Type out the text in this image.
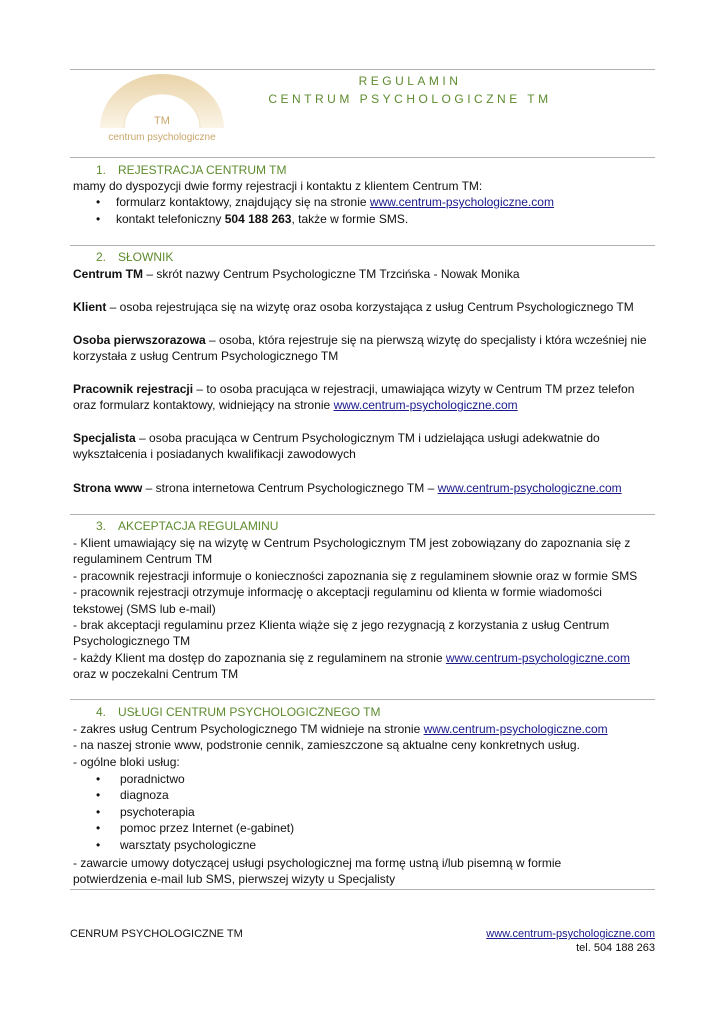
TM
centrum psychologiczne
REGULAMIN
CENTRUM PSYCHOLOGICZNE TM
1. REJESTRACJA CENTRUM TM
mamy do dyspozycji dwie formy rejestracji i kontaktu z klientem Centrum TM:
• formularz kontaktowy, znajdujący się na stronie www.centrum-psychologiczne.com
• kontakt telefoniczny 504 188 263, także w formie SMS.
2. SŁOWNIK
Centrum TM – skrót nazwy Centrum Psychologiczne TM Trzcińska - Nowak Monika
Klient – osoba rejestrująca się na wizytę oraz osoba korzystająca z usług Centrum Psychologicznego TM
Osoba pierwszorazowa – osoba, która rejestruje się na pierwszą wizytę do specjalisty i która wcześniej nie
korzystała z usług Centrum Psychologicznego TM
Pracownik rejestracji – to osoba pracująca w rejestracji, umawiająca wizyty w Centrum TM przez telefon
oraz formularz kontaktowy, widniejący na stronie www.centrum-psychologiczne.com
Specjalista – osoba pracująca w Centrum Psychologicznym TM i udzielająca usługi adekwatnie do
wykształcenia i posiadanych kwalifikacji zawodowych
Strona www – strona internetowa Centrum Psychologicznego TM – www.centrum-psychologiczne.com
3. AKCEPTACJA REGULAMINU
- Klient umawiający się na wizytę w Centrum Psychologicznym TM jest zobowiązany do zapoznania się z
regulaminem Centrum TM
- pracownik rejestracji informuje o konieczności zapoznania się z regulaminem słownie oraz w formie SMS
- pracownik rejestracji otrzymuje informację o akceptacji regulaminu od klienta w formie wiadomości
tekstowej (SMS lub e-mail)
- brak akceptacji regulaminu przez Klienta wiąże się z jego rezygnacją z korzystania z usług Centrum
Psychologicznego TM
- każdy Klient ma dostęp do zapoznania się z regulaminem na stronie www.centrum-psychologiczne.com
oraz w poczekalni Centrum TM
4. USŁUGI CENTRUM PSYCHOLOGICZNEGO TM
- zakres usług Centrum Psychologicznego TM widnieje na stronie www.centrum-psychologiczne.com
- na naszej stronie www, podstronie cennik, zamieszczone są aktualne ceny konkretnych usług.
- ogólne bloki usług:
• poradnictwo
• diagnoza
• psychoterapia
• pomoc przez Internet (e-gabinet)
• warsztaty psychologiczne
- zawarcie umowy dotyczącej usługi psychologicznej ma formę ustną i/lub pisemną w formie
potwierdzenia e-mail lub SMS, pierwszej wizyty u Specjalisty
CENRUM PSYCHOLOGICZNE TM	www.centrum-psychologiczne.com
tel. 504 188 263
